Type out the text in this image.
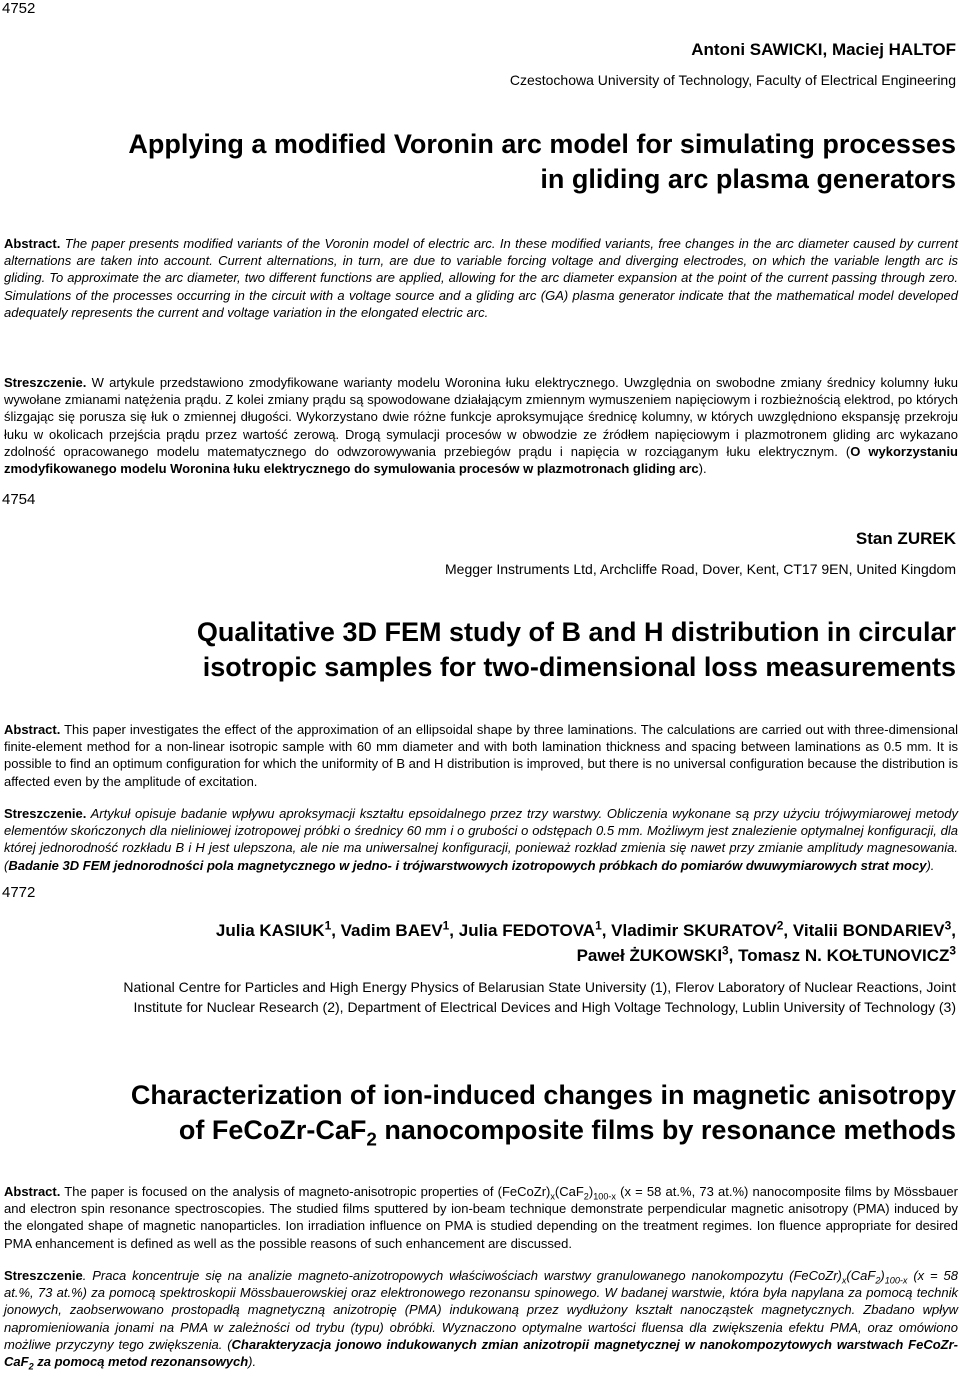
4752
Antoni SAWICKI, Maciej HALTOF
Czestochowa University of Technology, Faculty of Electrical Engineering
Applying a modified Voronin arc model for simulating processes
in gliding arc plasma generators
Abstract. The paper presents modified variants of the Voronin model of electric arc. In these modified variants, free changes in the arc diameter caused by current alternations are taken into account. Current alternations, in turn, are due to variable forcing voltage and diverging electrodes, on which the variable length arc is gliding. To approximate the arc diameter, two different functions are applied, allowing for the arc diameter expansion at the point of the current passing through zero. Simulations of the processes occurring in the circuit with a voltage source and a gliding arc (GA) plasma generator indicate that the mathematical model developed adequately represents the current and voltage variation in the elongated electric arc.
Streszczenie. W artykule przedstawiono zmodyfikowane warianty modelu Woronina łuku elektrycznego. Uwzględnia on swobodne zmiany średnicy kolumny łuku wywołane zmianami natężenia prądu. Z kolei zmiany prądu są spowodowane działającym zmiennym wymuszeniem napięciowym i rozbieżnością elektrod, po których ślizgając się porusza się łuk o zmiennej długości. Wykorzystano dwie różne funkcje aproksymujące średnicę kolumny, w których uwzględniono ekspansję przekroju łuku w okolicach przejścia prądu przez wartość zerową. Drogą symulacji procesów w obwodzie ze źródłem napięciowym i plazmotronem gliding arc wykazano zdolność opracowanego modelu matematycznego do odwzorowywania przebiegów prądu i napięcia w rozciąganym łuku elektrycznym. (O wykorzystaniu zmodyfikowanego modelu Woronina łuku elektrycznego do symulowania procesów w plazmotronach gliding arc).
4754
Stan ZUREK
Megger Instruments Ltd, Archcliffe Road, Dover, Kent, CT17 9EN, United Kingdom
Qualitative 3D FEM study of B and H distribution in circular
isotropic samples for two-dimensional loss measurements
Abstract. This paper investigates the effect of the approximation of an ellipsoidal shape by three laminations. The calculations are carried out with three-dimensional finite-element method for a non-linear isotropic sample with 60 mm diameter and with both lamination thickness and spacing between laminations as 0.5 mm. It is possible to find an optimum configuration for which the uniformity of B and H distribution is improved, but there is no universal configuration because the distribution is affected even by the amplitude of excitation.
Streszczenie. Artykuł opisuje badanie wpływu aproksymacji kształtu epsoidalnego przez trzy warstwy. Obliczenia wykonane są przy użyciu trójwymiarowej metody elementów skończonych dla nieliniowej izotropowej próbki o średnicy 60 mm i o grubości o odstępach 0.5 mm. Możliwym jest znalezienie optymalnej konfiguracji, dla której jednorodność rozkładu B i H jest ulepszona, ale nie ma uniwersalnej konfiguracji, ponieważ rozkład zmienia się nawet przy zmianie amplitudy magnesowania. (Badanie 3D FEM jednorodności pola magnetycznego w jedno- i trójwarstwowych izotropowych próbkach do pomiarów dwuwymiarowych strat mocy).
4772
Julia KASIUK$^1$, Vadim BAEV$^1$, Julia FEDOTOVA$^1$, Vladimir SKURATOV$^2$, Vitalii BONDARIEV$^3$,
Paweł ŻUKOWSKI$^3$, Tomasz N. KOŁTUNOVICZ$^3$
National Centre for Particles and High Energy Physics of Belarusian State University (1), Flerov Laboratory of Nuclear Reactions, Joint
Institute for Nuclear Research (2), Department of Electrical Devices and High Voltage Technology, Lublin University of Technology (3)
Characterization of ion-induced changes in magnetic anisotropy
of FeCoZr-CaF$_2$ nanocomposite films by resonance methods
Abstract. The paper is focused on the analysis of magneto-anisotropic properties of $(FeCoZr)_x(CaF_2)_{100-x}$ (x = 58 at.%, 73 at.%) nanocomposite films by Mössbauer and electron spin resonance spectroscopies. The studied films sputtered by ion-beam technique demonstrate perpendicular magnetic anisotropy (PMA) induced by the elongated shape of magnetic nanoparticles. Ion irradiation influence on PMA is studied depending on the treatment regimes. Ion fluence appropriate for desired PMA enhancement is defined as well as the possible reasons of such enhancement are discussed.
Streszczenie. Praca koncentruje się na analizie magneto-anizotropowych właściwościach warstwy granulowanego nanokompozytu $(FeCoZr)_x(CaF_2)_{100-x}$ (x = 58 at.%, 73 at.%) za pomocą spektroskopii Mössbauerowskiej oraz elektronowego rezonansu spinowego. W badanej warstwie, która była napylana za pomocą technik jonowych, zaobserwowano prostopadłą magnetyczną anizotropię (PMA) indukowaną przez wydłużony kształt nanocząstek magnetycznych. Zbadano wpływ napromieniowania jonami na PMA w zależności od trybu (typu) obróbki. Wyznaczono optymalne wartości fluensa dla zwiększenia efektu PMA, oraz omówiono możliwe przyczyny tego zwiększenia. (Charakteryzacja jonowo indukowanych zmian anizotropii magnetycznej w nanokompozytowych warstwach FeCoZr-CaF$_2$ za pomocą metod rezonansowych).
